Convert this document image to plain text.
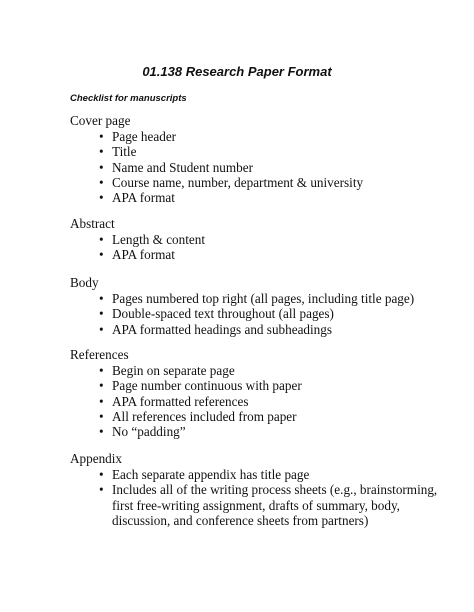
01.138 Research Paper Format
Checklist for manuscripts

Cover page

• Page header
• Title
• Name and Student number
• Course name, number, department & university
• APA format

Abstract

• Length & content
• APA format

Body

• Pages numbered top right (all pages, including title page)
• Double-spaced text throughout (all pages)
• APA formatted headings and subheadings

References

• Begin on separate page
• Page number continuous with paper
• APA formatted references
• All references included from paper
• No “padding”

Appendix

• Each separate appendix has title page
• Includes all of the writing process sheets (e.g., brainstorming, first free-writing assignment, drafts of summary, body, discussion, and conference sheets from partners)
